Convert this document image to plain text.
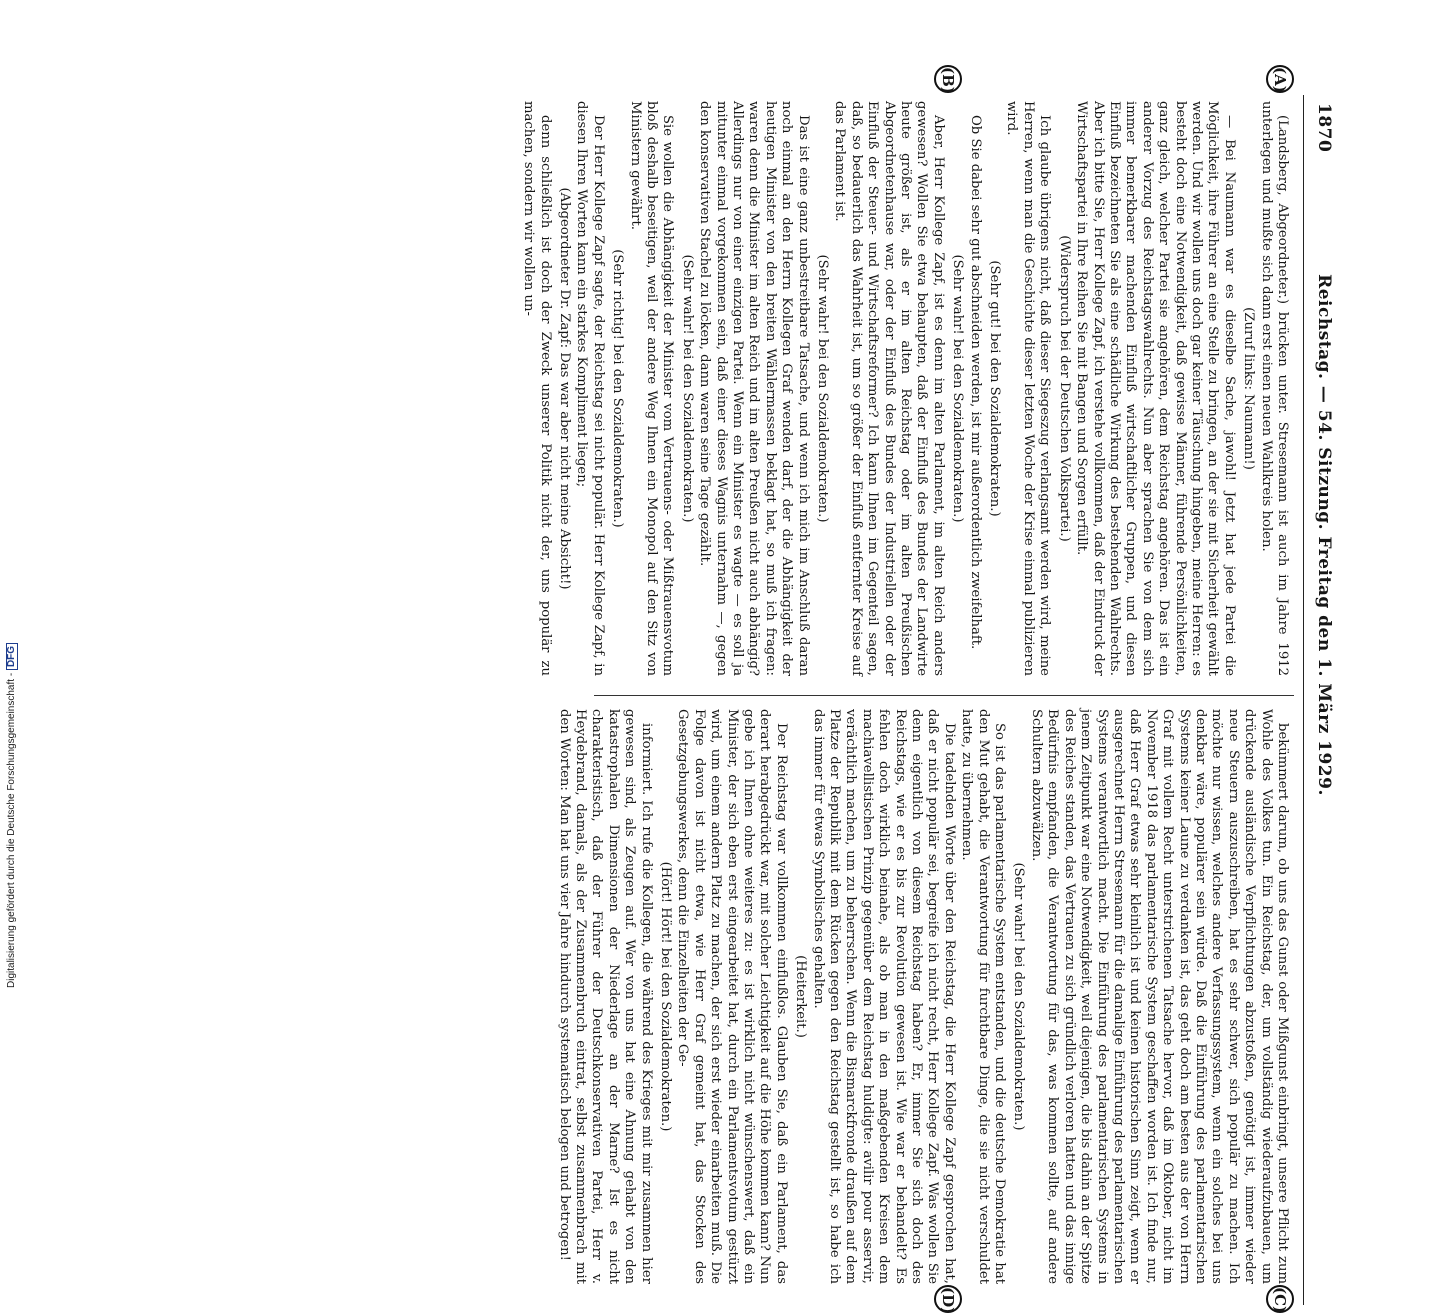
1870
Reichstag. — 54. Sitzung. Freitag den 1. März 1929.
(A)
(B)
(C)
(D)

(Landsberg, Abgeordneter.) brücken unter. Stresemann ist auch im Jahre 1912 unterlegen und mußte sich dann erst einen neuen Wahlkreis holen.

(Zuruf links: Naumann!)

— Bei Naumann war es dieselbe Sache, jawohl! Jetzt hat jede Partei die Möglichkeit, ihre Führer an eine Stelle zu bringen, an der sie mit Sicherheit gewählt werden. Und wir wollen uns doch gar keiner Täuschung hingeben, meine Herren: es besteht doch eine Notwendigkeit, daß gewisse Männer, führende Persönlichkeiten, ganz gleich, welcher Partei sie angehören, dem Reichstag angehören. Das ist ein anderer Vorzug des Reichstagswahlrechts. Nun aber sprachen Sie von dem sich immer bemerkbarer machenden Einfluß wirtschaftlicher Gruppen, und diesen Einfluß bezeichneten Sie als eine schädliche Wirkung des bestehenden Wahlrechts. Aber ich bitte Sie, Herr Kollege Zapf, ich verstehe vollkommen, daß der Eindruck der Wirtschaftspartei in Ihre Reihen Sie mit Bangen und Sorgen erfüllt.

(Widerspruch bei der Deutschen Volkspartei.)

Ich glaube übrigens nicht, daß dieser Siegeszug verlangsamt werden wird, meine Herren, wenn man die Geschichte dieser letzten Woche der Krise einmal publizieren wird.

(Sehr gut! bei den Sozialdemokraten.)

Ob Sie dabei sehr gut abschneiden werden, ist mir außerordentlich zweifelhaft.

(Sehr wahr! bei den Sozialdemokraten.)

Aber, Herr Kollege Zapf, ist es denn im alten Parlament, im alten Reich anders gewesen? Wollen Sie etwa behaupten, daß der Einfluß des Bundes der Landwirte heute größer ist, als er im alten Reichstag oder im alten Preußischen Abgeordnetenhause war, oder der Einfluß des Bundes der Industriellen oder der Einfluß der Steuer- und Wirtschaftsreformer? Ich kann Ihnen im Gegenteil sagen, daß, so bedauerlich das Wahrheit ist, um so größer der Einfluß entfernter Kreise auf das Parlament ist.

(Sehr wahr! bei den Sozialdemokraten.)

Das ist eine ganz unbestreitbare Tatsache, und wenn ich mich im Anschluß daran noch einmal an den Herrn Kollegen Graf wenden darf, der die Abhängigkeit der heutigen Minister von den breiten Wählermassen beklagt hat, so muß ich fragen: waren denn die Minister im alten Reich und im alten Preußen nicht auch abhängig? Allerdings nur von einer einzigen Partei. Wenn ein Minister es wagte — es soll ja mitunter einmal vorgekommen sein, daß einer dieses Wagnis unternahm —, gegen den konservativen Stachel zu löcken, dann waren seine Tage gezählt.

(Sehr wahr! bei den Sozialdemokraten.)

Sie wollen die Abhängigkeit der Minister vom Vertrauens- oder Mißtrauensvotum bloß deshalb beseitigen, weil der andere Weg Ihnen ein Monopol auf den Sitz von Ministern gewährt.

(Sehr richtig! bei den Sozialdemokraten.)

Der Herr Kollege Zapf sagte, der Reichstag sei nicht populär. Herr Kollege Zapf, in diesen Ihren Worten kann ein starkes Kompliment liegen;

(Abgeordneter Dr. Zapf: Das war aber nicht meine Absicht!)

denn schließlich ist doch der Zweck unserer Politik nicht der, uns populär zu machen, sondern wir wollen un-

bekümmert darum, ob uns das Gunst oder Mißgunst einbringt, unsere Pflicht zum Wohle des Volkes tun. Ein Reichstag, der, um vollständig wiederaufzubauen, um drückende ausländische Verpflichtungen abzustoßen, genötigt ist, immer wieder neue Steuern auszuschreiben, hat es sehr schwer, sich populär zu machen. Ich möchte nur wissen, welches andere Verfassungssystem, wenn ein solches bei uns denkbar wäre, populärer sein würde. Daß die Einführung des parlamentarischen Systems keiner Laune zu verdanken ist, das geht doch am besten aus der von Herrn Graf mit vollem Recht unterstrichenen Tatsache hervor, daß im Oktober, nicht im November 1918 das parlamentarische System geschaffen worden ist. Ich finde nur, daß Herr Graf etwas sehr kleinlich ist und keinen historischen Sinn zeigt, wenn er ausgerechnet Herrn Stresemann für die damalige Einführung des parlamentarischen Systems verantwortlich macht. Die Einführung des parlamentarischen Systems in jenem Zeitpunkt war eine Notwendigkeit, weil diejenigen, die bis dahin an der Spitze des Reiches standen, das Vertrauen zu sich gründlich verloren hatten und das innige Bedürfnis empfanden, die Verantwortung für das, was kommen sollte, auf andere Schultern abzuwälzen.

(Sehr wahr! bei den Sozialdemokraten.)

So ist das parlamentarische System entstanden, und die deutsche Demokratie hat den Mut gehabt, die Verantwortung für furchtbare Dinge, die sie nicht verschuldet hatte, zu übernehmen.

Die tadelnden Worte über den Reichstag, die Herr Kollege Zapf gesprochen hat, daß er nicht populär sei, begreife ich nicht recht, Herr Kollege Zapf. Was wollen Sie denn eigentlich von diesem Reichstag haben? Er, immer Sie sich doch des Reichstags, wie er es bis zur Revolution gewesen ist. Wie war er behandelt? Es fehlen doch wirklich beinahe, als ob man in den maßgebenden Kreisen dem machiavellistischen Prinzip gegenüber dem Reichstag huldigte: avilir pour asservir, verächtlich machen, um zu beherrschen. Wenn die Bismarckfronde draußen auf dem Platze der Republik mit dem Rücken gegen den Reichstag gestellt ist, so habe ich das immer für etwas Symbolisches gehalten.

(Heiterkeit.)

Der Reichstag war vollkommen einflußlos. Glauben Sie, daß ein Parlament, das derart herabgedrückt war, mit solcher Leichtigkeit auf die Höhe kommen kann? Nun gebe ich Ihnen ohne weiteres zu: es ist wirklich nicht wünschenswert, daß ein Minister, der sich eben erst eingearbeitet hat, durch ein Parlamentsvotum gestürzt wird, um einem andern Platz zu machen, der sich erst wieder einarbeiten muß. Die Folge davon ist nicht etwa, wie Herr Graf gemeint hat, das Stocken des Gesetzgebungswerkes, denn die Einzelheiten der Ge-

(Hört! Hört! bei den Sozialdemokraten.)

informiert. Ich rufe die Kollegen, die während des Krieges mit mir zusammen hier gewesen sind, als Zeugen auf. Wer von uns hat eine Ahnung gehabt von den katastrophalen Dimensionen der Niederlage an der Marne? Ist es nicht charakteristisch, daß der Führer der Deutschkonservativen Partei, Herr v. Heydebrand, damals, als der Zusammenbruch eintrat, selbst zusammenbrach mit den Worten: Man hat uns vier Jahre hindurch systematisch belogen und betrogen!

Digitalisierung gefördert durch die Deutsche Forschungsgemeinschaft - DFG
